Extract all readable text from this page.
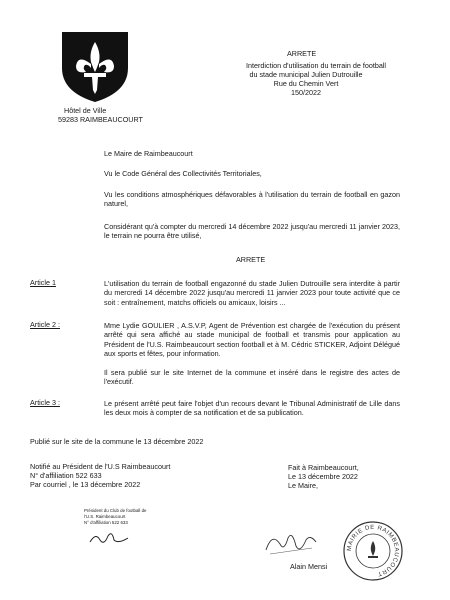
Hôtel de Ville
59283 RAIMBEAUCOURT
ARRETE
Interdiction d'utilisation du terrain de football
du stade municipal Julien Dutrouille
Rue du Chemin Vert
150/2022
Le Maire de Raimbeaucourt
Vu le Code Général des Collectivités Territoriales,
Vu les conditions atmosphériques défavorables à l'utilisation du terrain de football en gazon naturel,
Considérant qu'à compter du mercredi 14 décembre 2022 jusqu'au mercredi 11 janvier 2023, le terrain ne pourra être utilisé,
ARRETE
Article 1	L'utilisation du terrain de football engazonné du stade Julien Dutrouille sera interdite à partir du mercredi 14 décembre 2022 jusqu'au mercredi 11 janvier 2023 pour toute activité que ce soit : entraînement, matchs officiels ou amicaux, loisirs ...
Article 2 :	Mme Lydie GOULIER , A.S.V.P, Agent de Prévention est chargée de l'exécution du présent arrêté qui sera affiché au stade municipal de football et transmis pour application au Président de l'U.S. Raimbeaucourt section football et à M. Cédric STICKER, Adjoint Délégué aux sports et fêtes, pour information.
Il sera publié sur le site Internet de la commune et inséré dans le registre des actes de l'exécutif.
Article 3 :	Le présent arrêté peut faire l'objet d'un recours devant le Tribunal Administratif de Lille dans les deux mois à compter de sa notification et de sa publication.
Publié sur le site de la commune le 13 décembre 2022
Notifié au Président de l'U.S Raimbeaucourt
N° d'affiliation 522 633
Par courriel , le 13 décembre 2022
Fait à Raimbeaucourt,
Le 13 décembre 2022
Le Maire,
Président du Club de football de
l'U.S. Raimbeaucourt
N° d'affiliation 522 633
Alain Mensi
MAIRIE DE RAIMBEAUCOURT
